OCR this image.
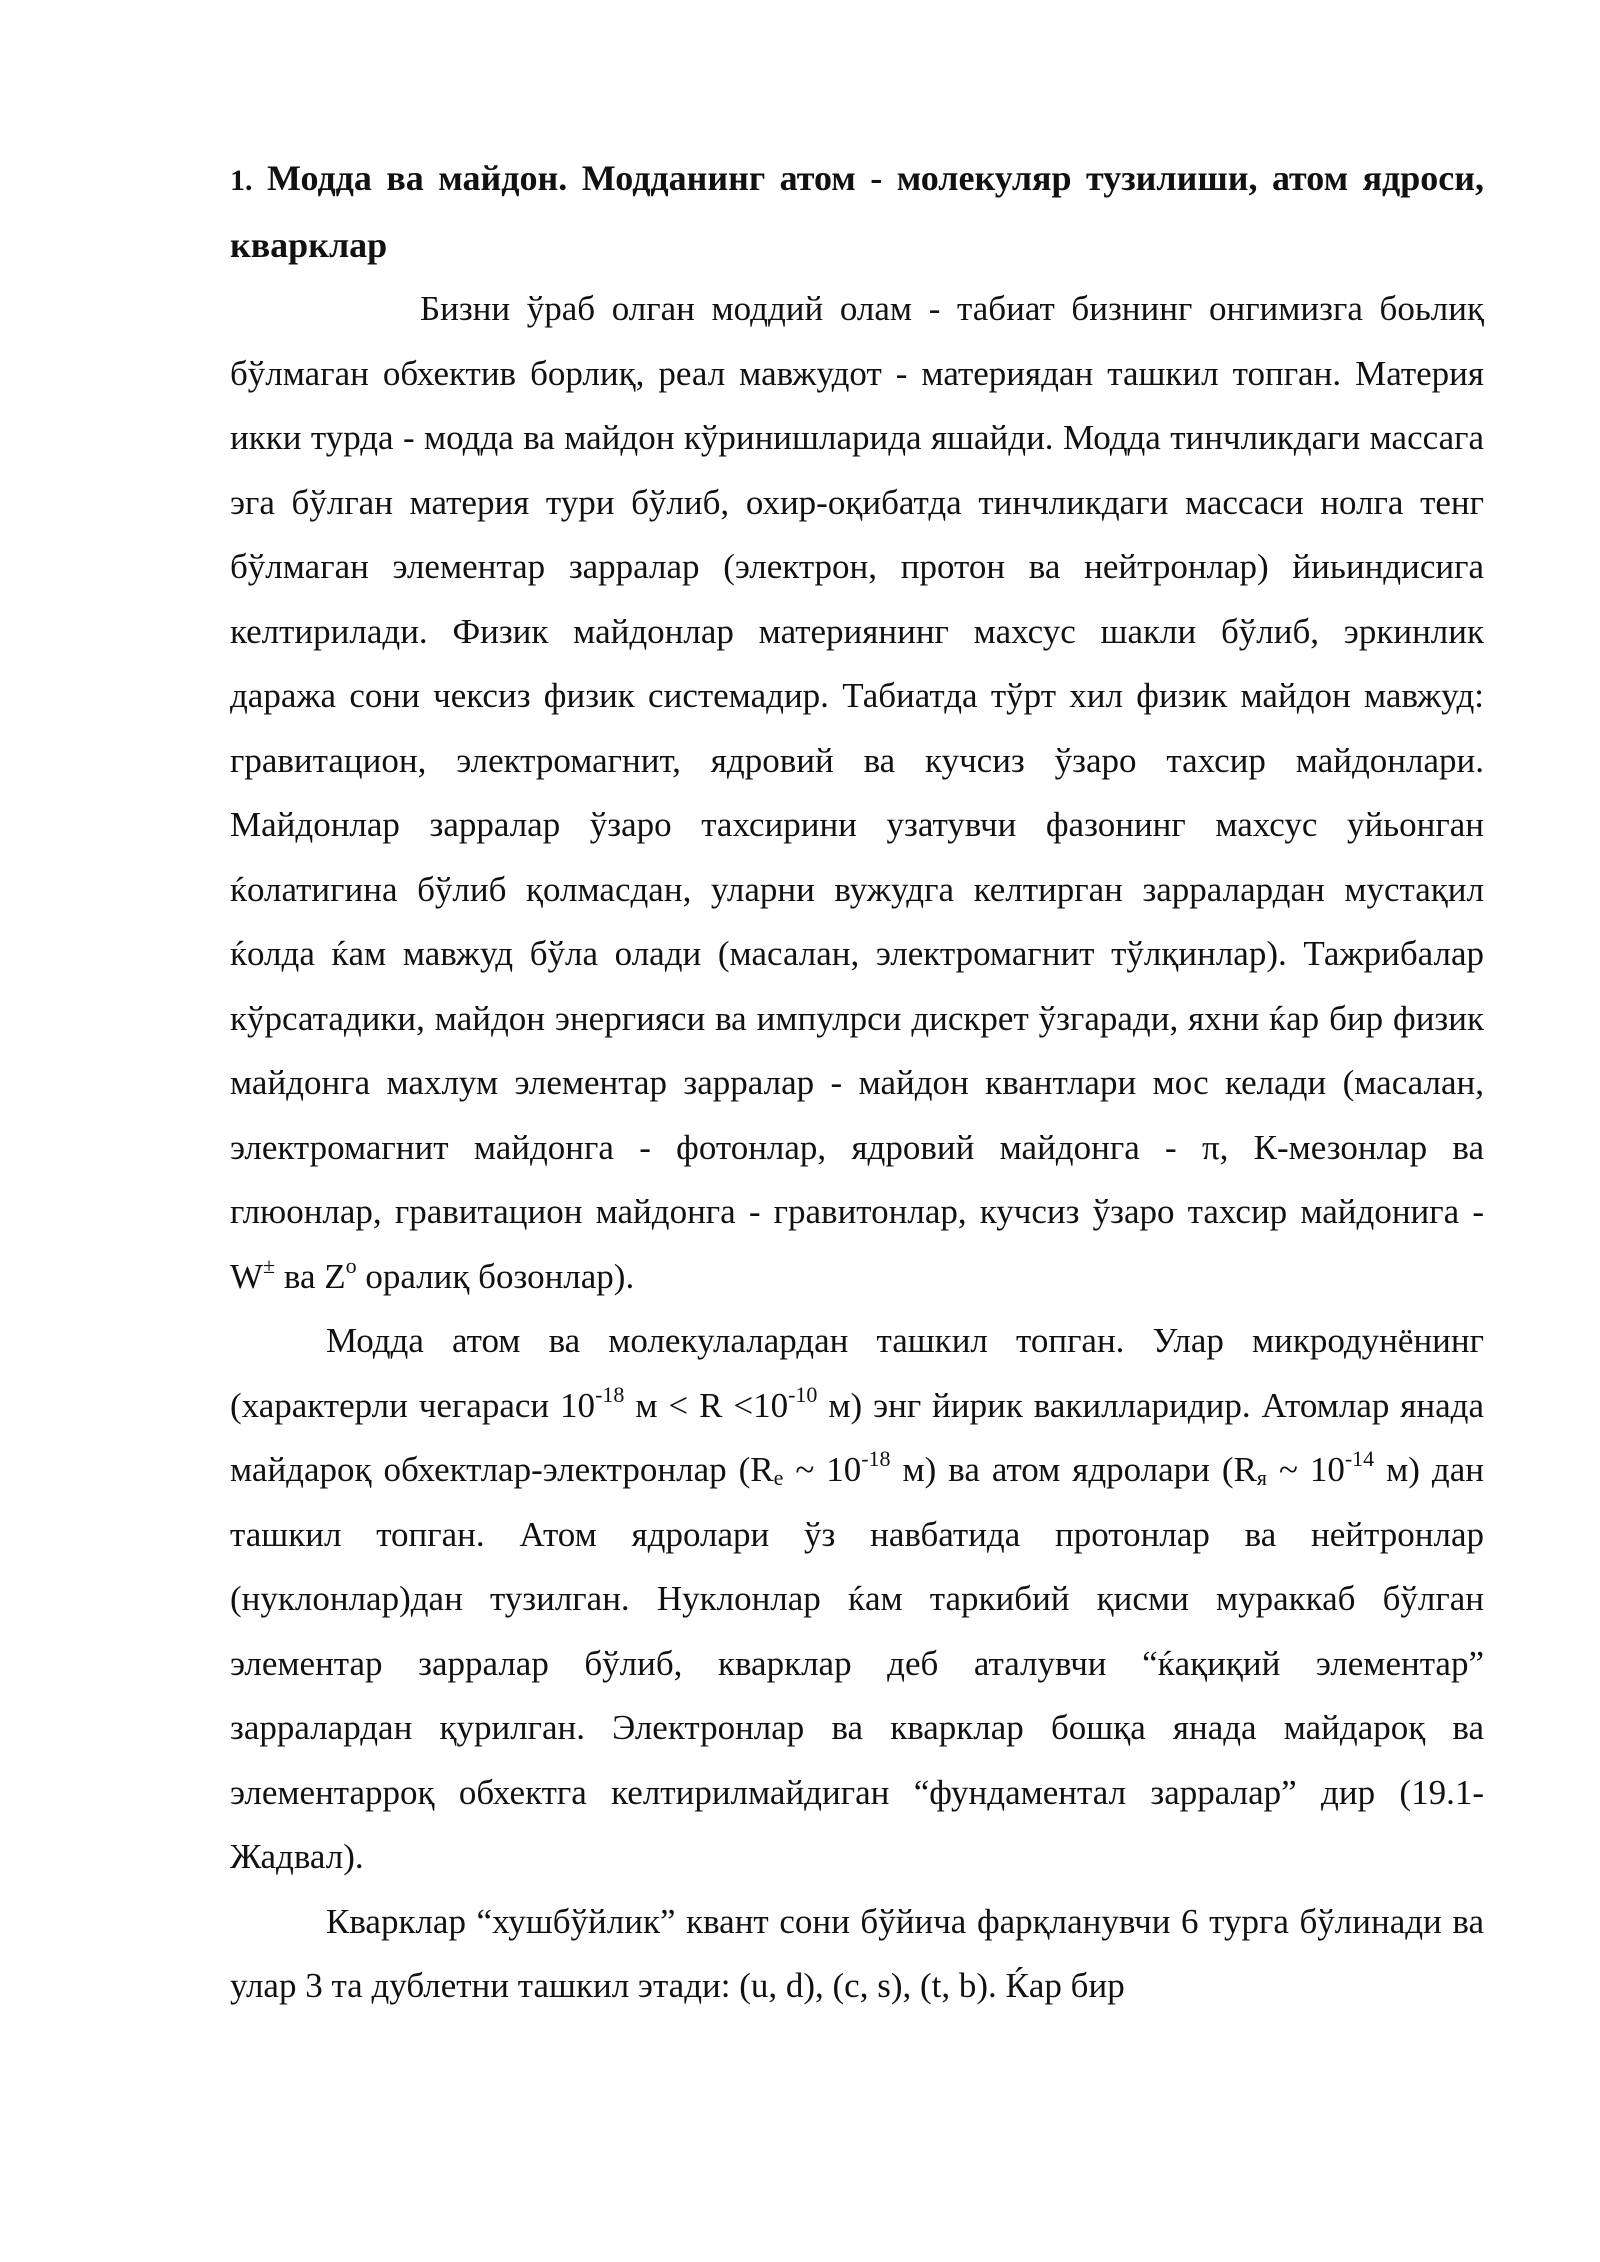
1. Модда ва майдон. Модданинг атом - молекуляр тузилиши, атом ядроси, кварклар

Бизни ўраб олган моддий олам - табиат бизнинг онгимизга боьлиқ бўлмаган обхектив борлиқ, реал мавжудот - материядан ташкил топган. Материя икки турда - модда ва майдон кўринишларида яшайди. Модда тинчликдаги массага эга бўлган материя тури бўлиб, охир-оқибатда тинчликдаги массаси нолга тенг бўлмаган элементар зарралар (электрон, протон ва нейтронлар) йиьиндисига келтирилади. Физик майдонлар материянинг махсус шакли бўлиб, эркинлик даража сони чексиз физик системадир. Табиатда тўрт хил физик майдон мавжуд: гравитацион, электромагнит, ядровий ва кучсиз ўзаро тахсир майдонлари. Майдонлар зарралар ўзаро тахсирини узатувчи фазонинг махсус уйьонган ќолатигина бўлиб қолмасдан, уларни вужудга келтирган зарралардан мустақил ќолда ќам мавжуд бўла олади (масалан, электромагнит тўлқинлар). Тажрибалар кўрсатадики, майдон энергияси ва импулрси дискрет ўзгаради, яхни ќар бир физик майдонга махлум элементар зарралар - майдон квантлари мос келади (масалан, электромагнит майдонга - фотонлар, ядровий майдонга - π, К-мезонлар ва глюонлар, гравитацион майдонга - гравитонлар, кучсиз ўзаро тахсир майдонига - W± ва $Z^о$ оралиқ бозонлар).

Модда атом ва молекулалардан ташкил топган. Улар микродунёнинг (характерли чегараси $10^{-18}$ $м < R <10^{-10}$ м) энг йирик вакилларидир. Атомлар янада майдароқ обхектлар-электронлар ($R_е$ ~ $10^{-18}$ м) ва атом ядролари ($R_я$ ~ $10^{-14}$ м) дан ташкил топган. Атом ядролари ўз навбатида протонлар ва нейтронлар (нуклонлар)дан тузилган. Нуклонлар ќам таркибий қисми мураккаб бўлган элементар зарралар бўлиб, кварклар деб аталувчи “ќақиқий элементар” зарралардан қурилган. Электронлар ва кварклар бошқа янада майдароқ ва элементарроқ обхектга келтирилмайдиган “фундаментал зарралар” дир (19.1-Жадвал).

Кварклар “хушбўйлик” квант сони бўйича фарқланувчи 6 турга бўлинади ва улар 3 та дублетни ташкил этади: (u, d), (c, s), (t, b). Ќар бир
